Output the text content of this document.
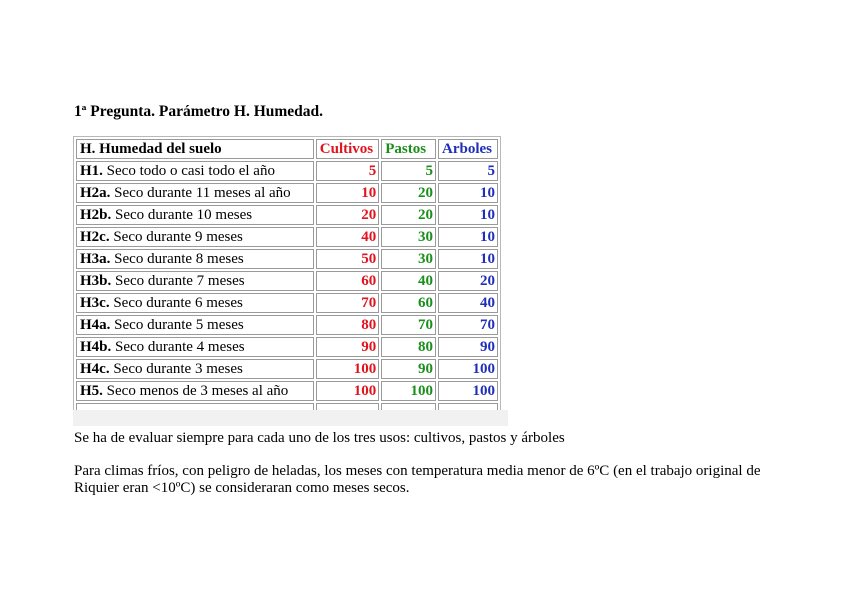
1ª Pregunta. Parámetro H. Humedad.
H. Humedad del suelo	Cultivos	Pastos	Arboles
H1. Seco todo o casi todo el año	5	5	5
H2a. Seco durante 11 meses al año	10	20	10
H2b. Seco durante 10 meses	20	20	10
H2c. Seco durante 9 meses	40	30	10
H3a. Seco durante 8 meses	50	30	10
H3b. Seco durante 7 meses	60	40	20
H3c. Seco durante 6 meses	70	60	40
H4a. Seco durante 5 meses	80	70	70
H4b. Seco durante 4 meses	90	80	90
H4c. Seco durante 3 meses	100	90	100
H5. Seco menos de 3 meses al año	100	100	100

Se ha de evaluar siempre para cada uno de los tres usos: cultivos, pastos y árboles
Para climas fríos, con peligro de heladas, los meses con temperatura media menor de 6ºC (en el trabajo original de Riquier eran <10ºC) se consideraran como meses secos.
